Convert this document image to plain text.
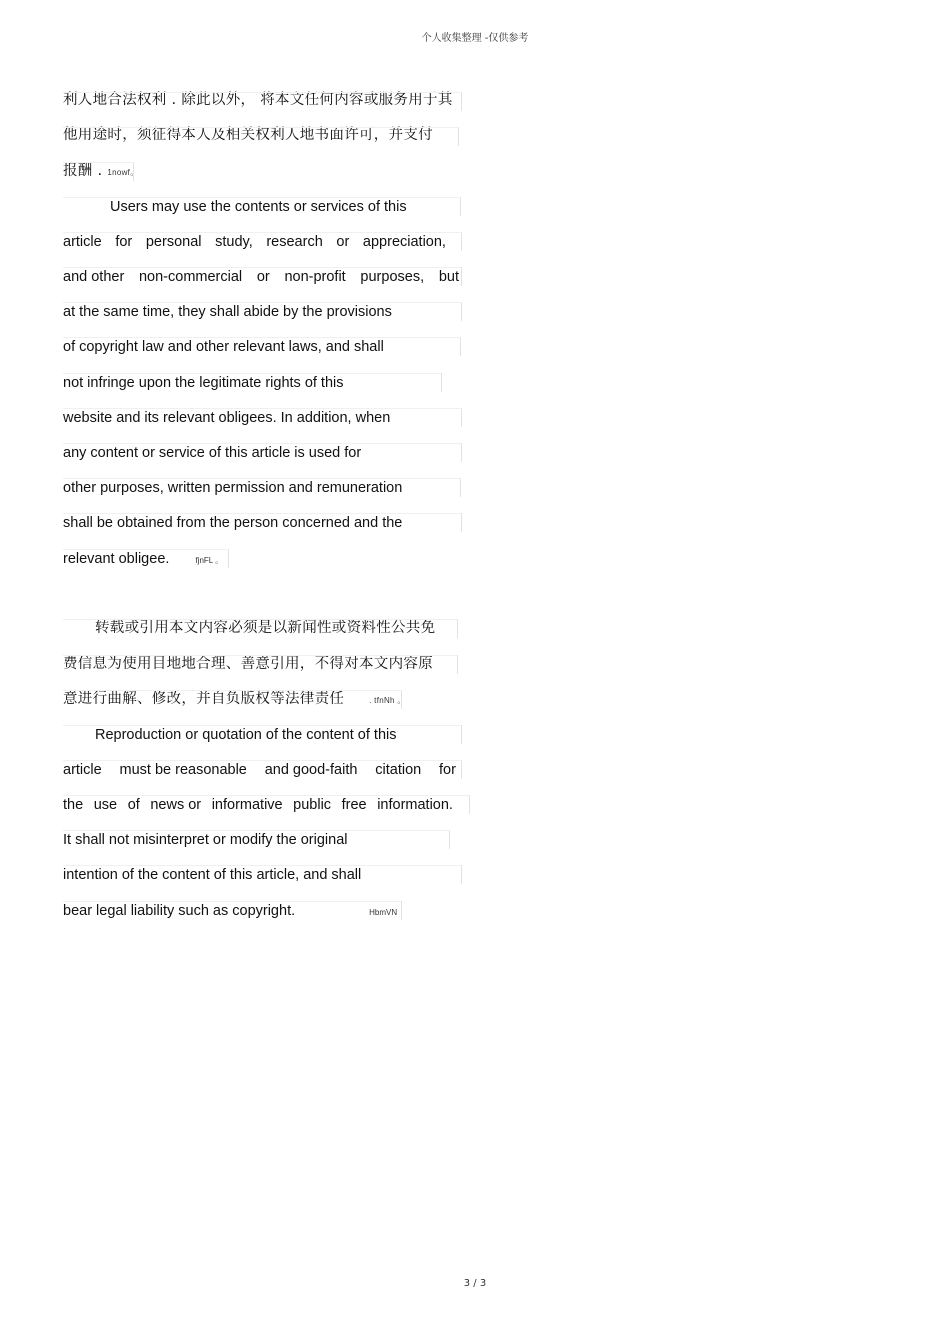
个人收集整理 -仅供参考
利人地合法权利 . 除此以外， 将本文任何内容或服务用于其
他用途时，须征得本人及相关权利人地书面许可，并支付
报酬 . 1nowf。
Users may use the contents or services of this
article for personal study, research or appreciation,
and other non-commercial or non-profit purposes, but
at the same time, they shall abide by the provisions
of copyright law and other relevant laws, and shall
not infringe upon the legitimate rights of this
website and its relevant obligees. In addition, when
any content or service of this article is used for
other purposes, written permission and remuneration
shall be obtained from the person concerned and the
relevant obligee.	fjnFL 。
转载或引用本文内容必须是以新闻性或资料性公共免
费信息为使用目地地合理、善意引用，不得对本文内容原
意进行曲解、修改，并自负版权等法律责任	. tfnNh 。
Reproduction or quotation of the content of this
article must be reasonable and good-faith citation for
the use of news or informative public free information.
It shall not misinterpret or modify the original
intention of the content of this article, and shall
bear legal liability such as copyright.	HbmVN
3 / 3
